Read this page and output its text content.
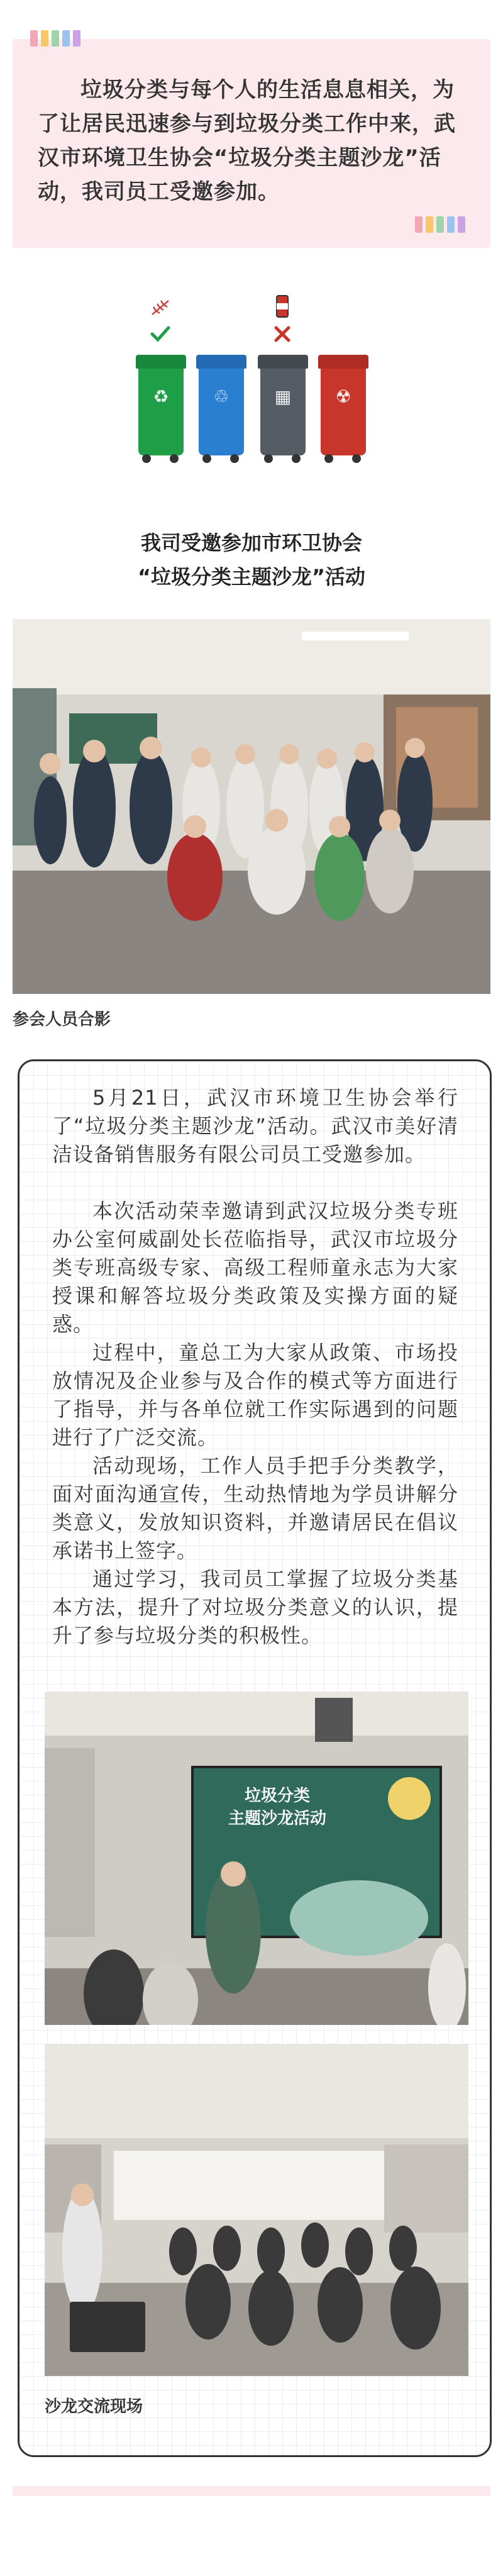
垃圾分类与每个人的生活息息相关，为了让居民迅速参与到垃圾分类工作中来，武汉市环境卫生协会“垃圾分类主题沙龙”活动，我司员工受邀参加。

♻	♲	▦	☢
我司受邀参加市环卫协会
“垃圾分类主题沙龙”活动
参会人员合影

5月21日，武汉市环境卫生协会举行了“垃圾分类主题沙龙”活动。武汉市美好清洁设备销售服务有限公司员工受邀参加。

本次活动荣幸邀请到武汉垃圾分类专班办公室何威副处长莅临指导，武汉市垃圾分类专班高级专家、高级工程师童永志为大家授课和解答垃圾分类政策及实操方面的疑惑。

过程中，童总工为大家从政策、市场投放情况及企业参与及合作的模式等方面进行了指导，并与各单位就工作实际遇到的问题进行了广泛交流。

活动现场，工作人员手把手分类教学，面对面沟通宣传，生动热情地为学员讲解分类意义，发放知识资料，并邀请居民在倡议承诺书上签字。

通过学习，我司员工掌握了垃圾分类基本方法，提升了对垃圾分类意义的认识，提升了参与垃圾分类的积极性。

垃圾分类
主题沙龙活动
沙龙交流现场
